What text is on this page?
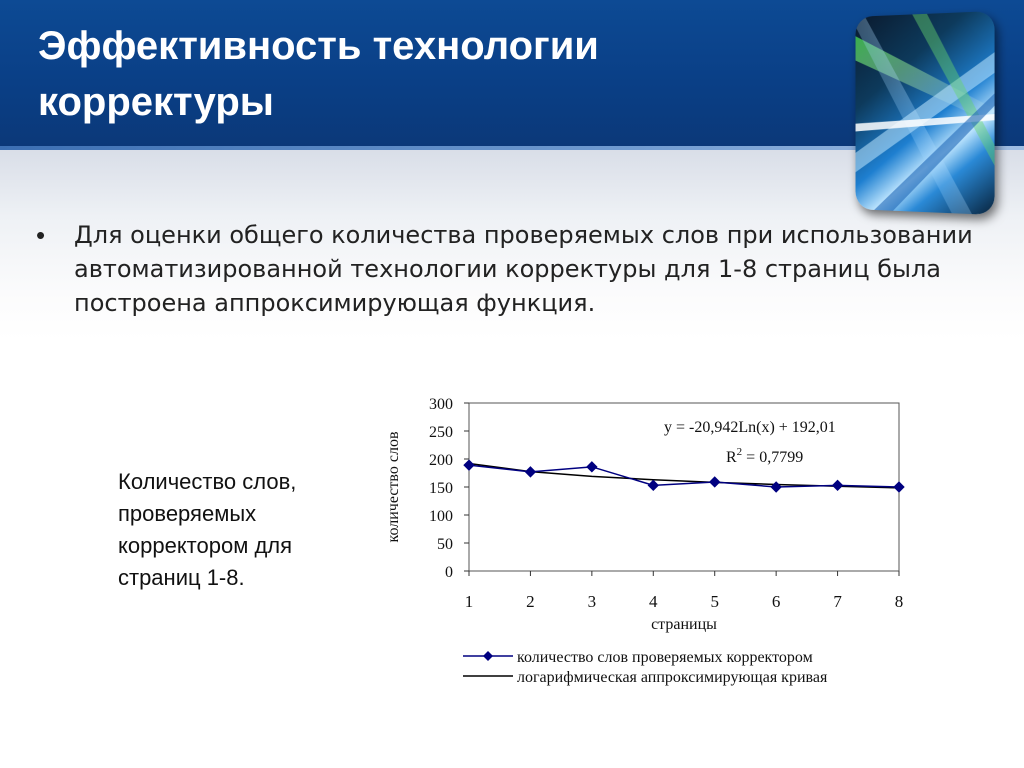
Эффективность технологии корректуры
• Для оценки общего количества проверяемых слов при использовании автоматизированной технологии корректуры для 1-8 страниц была построена аппроксимирующая функция.

Количество слов, проверяемых корректором для страниц 1-8.	0
50
100
150
200
250
300
1	2	3	4	5	6	7	8
страницы
количество слов
y = -20,942Ln(x) + 192,01
$R^2 = 0,7799$
количество слов проверяемых корректором
логарифмическая аппроксимирующая кривая
